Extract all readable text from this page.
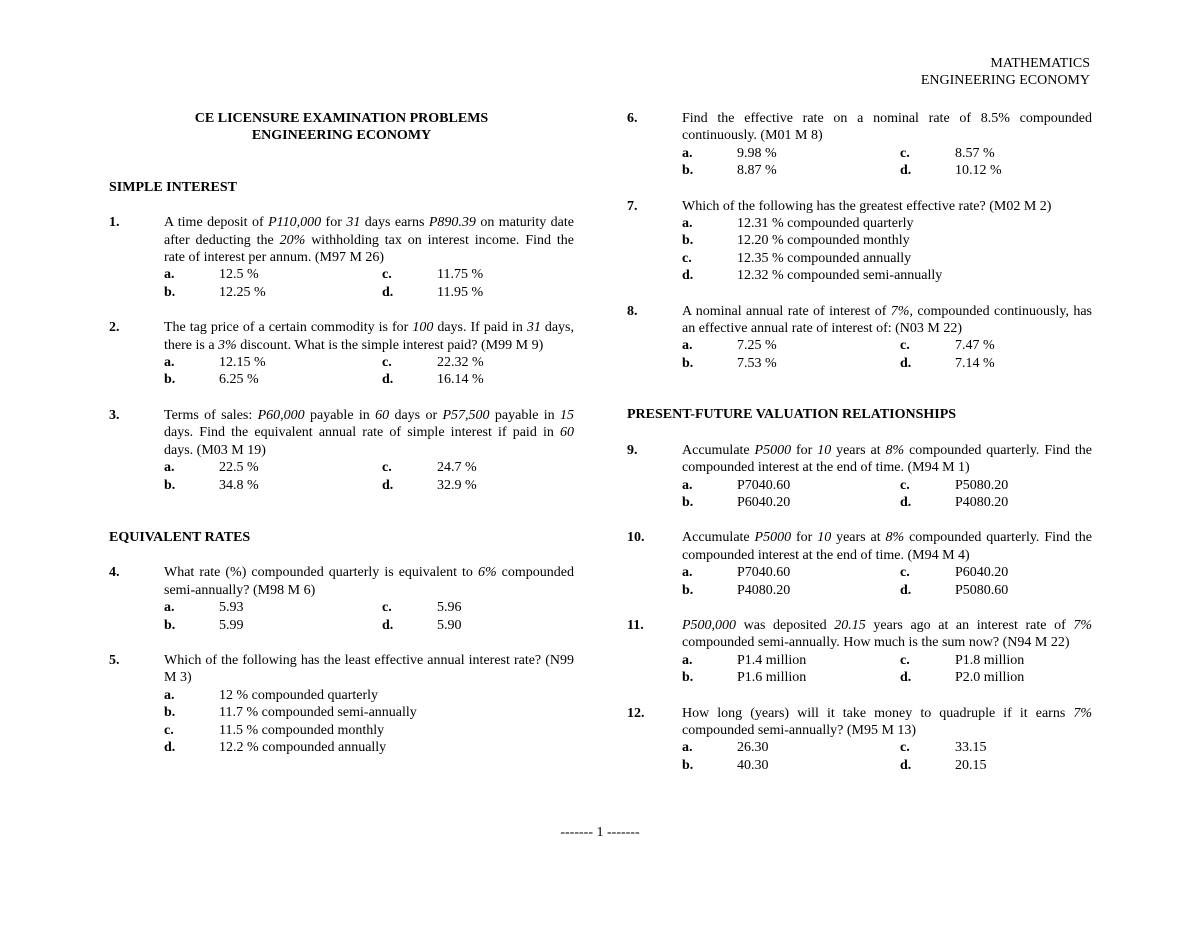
MATHEMATICS
ENGINEERING ECONOMY
CE LICENSURE EXAMINATION PROBLEMS
ENGINEERING ECONOMY
SIMPLE INTEREST
1.	A time deposit of P110,000 for 31 days earns P890.39 on maturity date after deducting the 20% withholding tax on interest income. Find the rate of interest per annum. (M97 M 26)
a.	12.5 %	c.	11.75 %
b.	12.25 %	d.	11.95 %
2.	The tag price of a certain commodity is for 100 days. If paid in 31 days, there is a 3% discount. What is the simple interest paid? (M99 M 9)
a.	12.15 %	c.	22.32 %
b.	6.25 %	d.	16.14 %
3.	Terms of sales: P60,000 payable in 60 days or P57,500 payable in 15 days. Find the equivalent annual rate of simple interest if paid in 60 days. (M03 M 19)
a.	22.5 %	c.	24.7 %
b.	34.8 %	d.	32.9 %
EQUIVALENT RATES
4.	What rate (%) compounded quarterly is equivalent to 6% compounded semi-annually? (M98 M 6)
a.	5.93	c.	5.96
b.	5.99	d.	5.90
5.	Which of the following has the least effective annual interest rate? (N99 M 3)
a.	12 % compounded quarterly
b.	11.7 % compounded semi-annually
c.	11.5 % compounded monthly
d.	12.2 % compounded annually
6.	Find the effective rate on a nominal rate of 8.5% compounded continuously. (M01 M 8)
a.	9.98 %	c.	8.57 %
b.	8.87 %	d.	10.12 %
7.	Which of the following has the greatest effective rate? (M02 M 2)
a.	12.31 % compounded quarterly
b.	12.20 % compounded monthly
c.	12.35 % compounded annually
d.	12.32 % compounded semi-annually
8.	A nominal annual rate of interest of 7%, compounded continuously, has an effective annual rate of interest of: (N03 M 22)
a.	7.25 %	c.	7.47 %
b.	7.53 %	d.	7.14 %
PRESENT-FUTURE VALUATION RELATIONSHIPS
9.	Accumulate P5000 for 10 years at 8% compounded quarterly. Find the compounded interest at the end of time. (M94 M 1)
a.	P7040.60	c.	P5080.20
b.	P6040.20	d.	P4080.20
10.	Accumulate P5000 for 10 years at 8% compounded quarterly. Find the compounded interest at the end of time. (M94 M 4)
a.	P7040.60	c.	P6040.20
b.	P4080.20	d.	P5080.60
11.	P500,000 was deposited 20.15 years ago at an interest rate of 7% compounded semi-annually. How much is the sum now? (N94 M 22)
a.	P1.4 million	c.	P1.8 million
b.	P1.6 million	d.	P2.0 million
12.	How long (years) will it take money to quadruple if it earns 7% compounded semi-annually? (M95 M 13)
a.	26.30	c.	33.15
b.	40.30	d.	20.15
------- 1 -------
